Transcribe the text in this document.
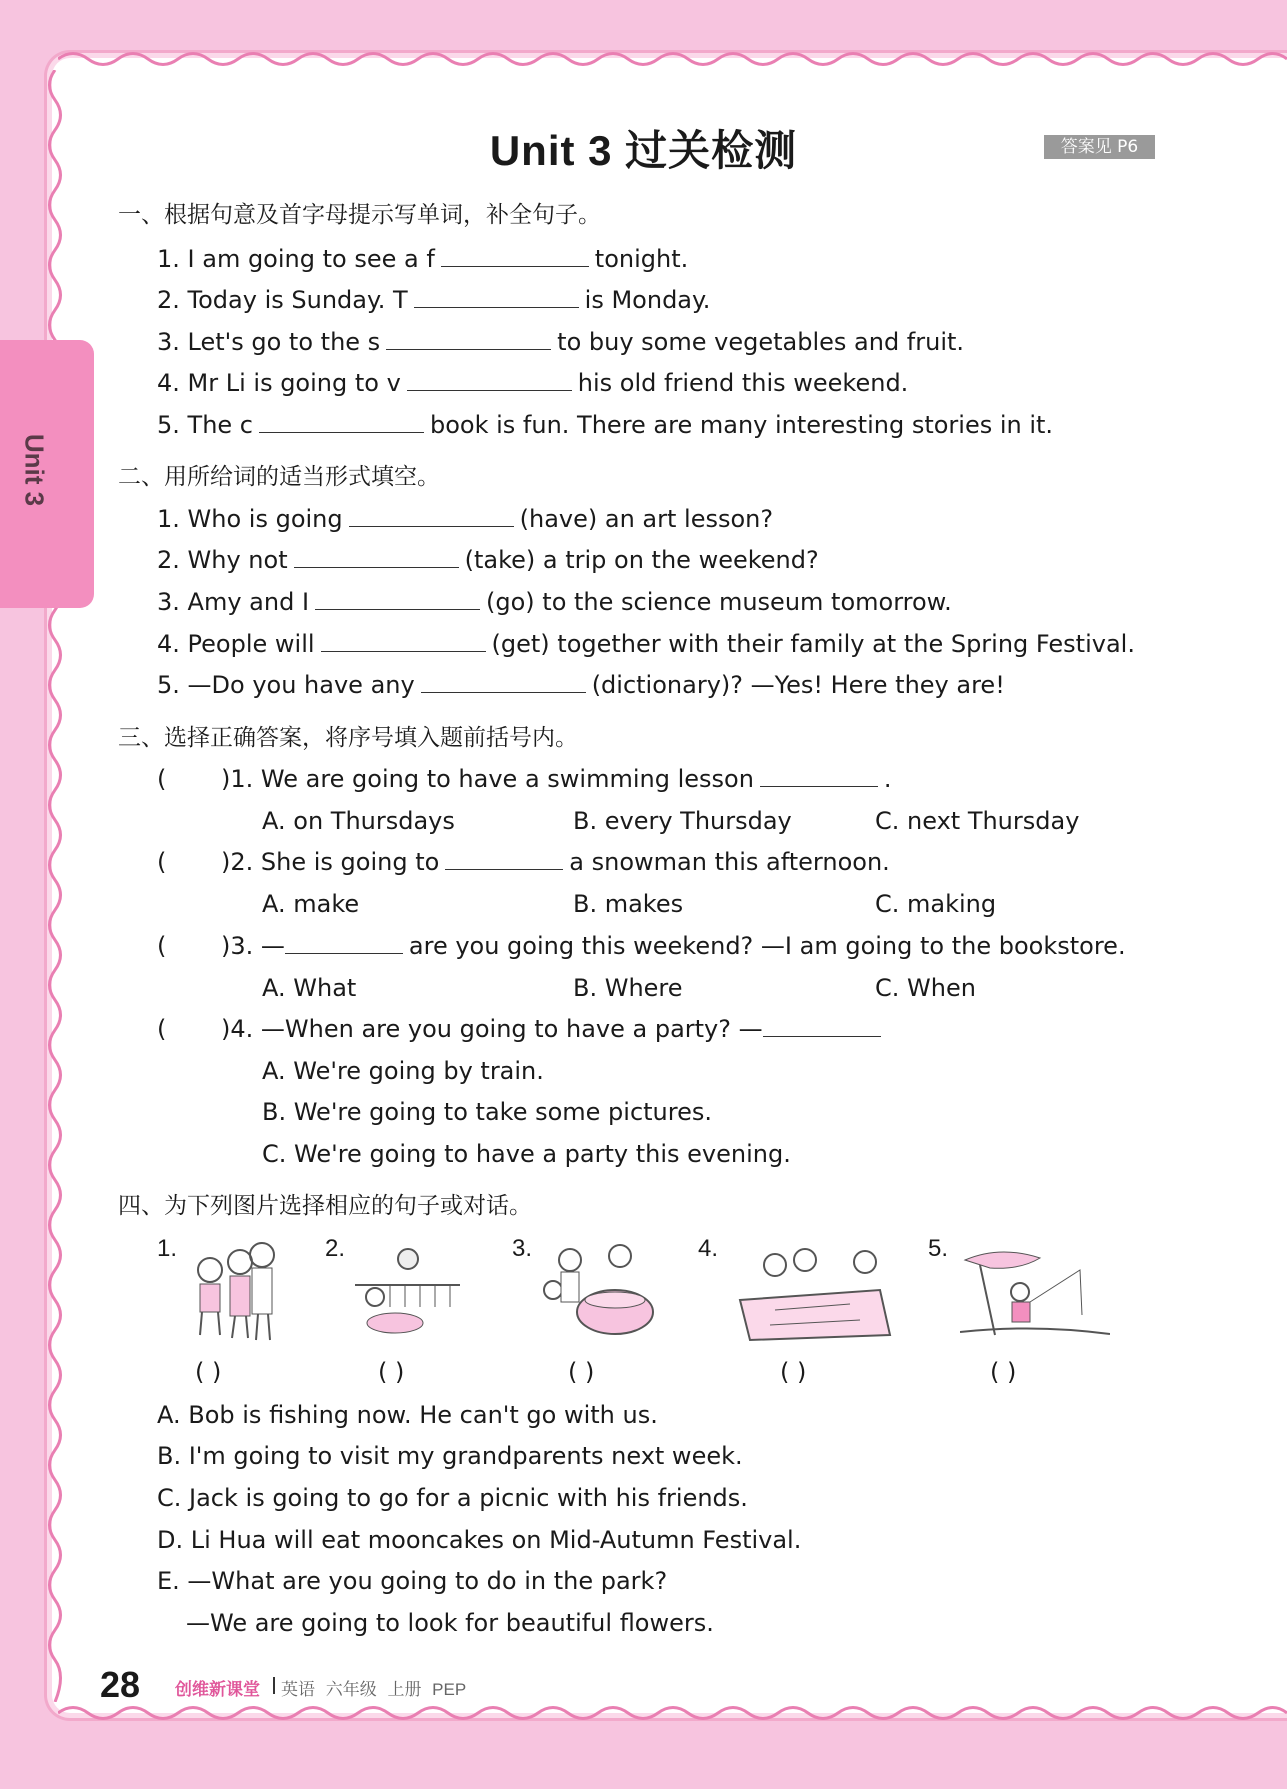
Unit 3
Unit 3 过关检测	答案见 P6
一、根据句意及首字母提示写单词，补全句子。
1. I am going to see a f	tonight.
2. Today is Sunday. T	is Monday.
3. Let's go to the s	to buy some vegetables and fruit.
4. Mr Li is going to v	his old friend this weekend.
5. The c	book is fun. There are many interesting stories in it.
二、用所给词的适当形式填空。
1. Who is going	(have) an art lesson?
2. Why not	(take) a trip on the weekend?
3. Amy and I	(go) to the science museum tomorrow.
4. People will	(get) together with their family at the Spring Festival.
5. —Do you have any	(dictionary)? —Yes! Here they are!
三、选择正确答案，将序号填入题前括号内。
( )1. We are going to have a swimming lesson	.
A. on Thursdays	B. every Thursday	C. next Thursday
( )2. She is going to	a snowman this afternoon.
A. make	B. makes	C. making
( )3. —	are you going this weekend? —I am going to the bookstore.
A. What	B. Where	C. When
( )4. —When are you going to have a party? —
A. We're going by train.
B. We're going to take some pictures.
C. We're going to have a party this evening.
四、为下列图片选择相应的句子或对话。
1.
( )
2.
( )
3.
( )
4.
( )
5.
( )
A. Bob is fishing now. He can't go with us.
B. I'm going to visit my grandparents next week.
C. Jack is going to go for a picnic with his friends.
D. Li Hua will eat mooncakes on Mid-Autumn Festival.
E. —What are you going to do in the park?
—We are going to look for beautiful flowers.
28 创维新课堂 英语 六年级 上册 PEP
